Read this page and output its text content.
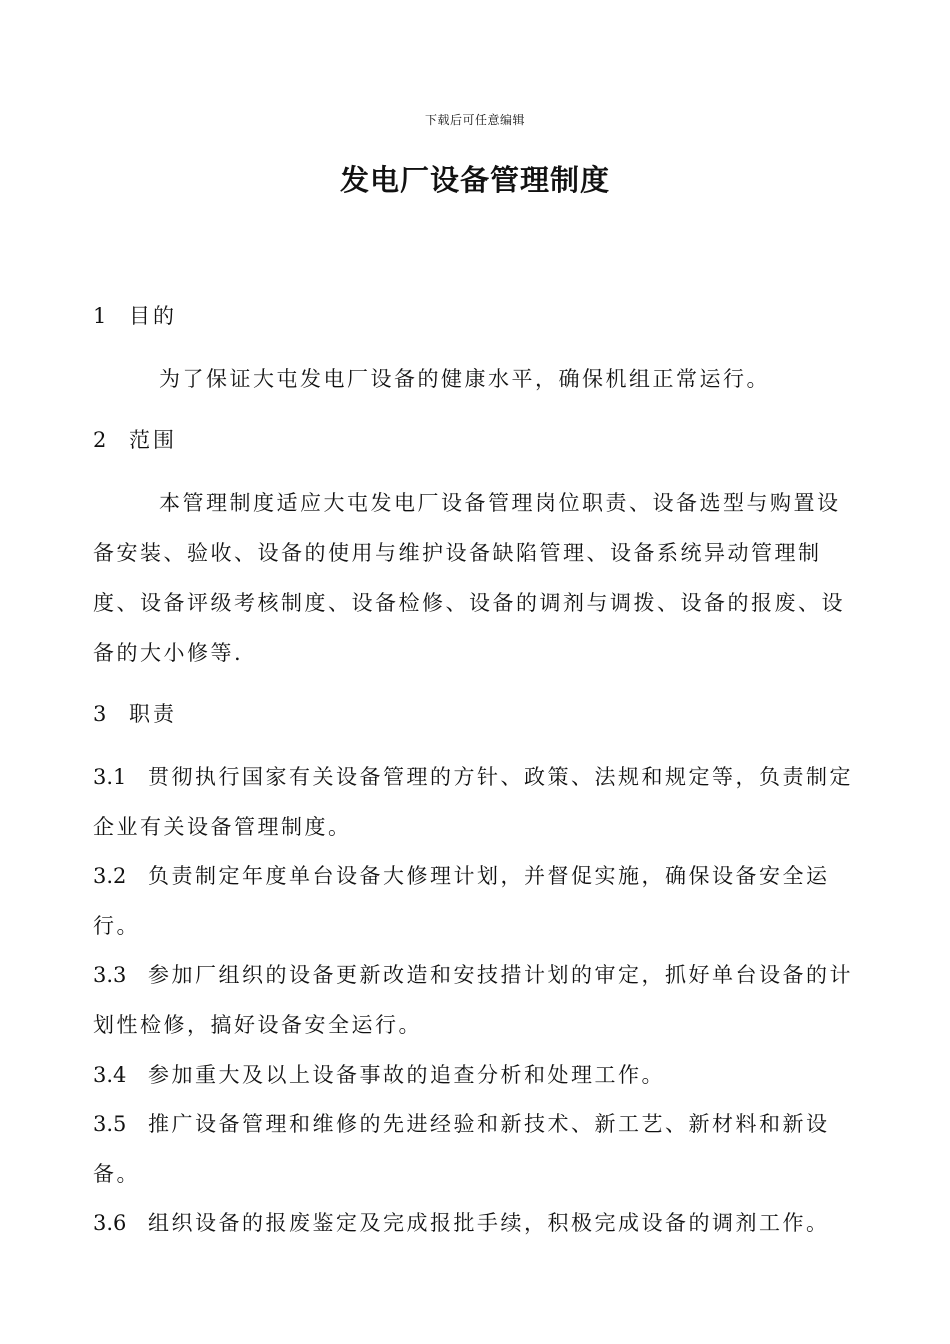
下载后可任意编辑
发电厂设备管理制度
1 目的
为了保证大屯发电厂设备的健康水平，确保机组正常运行。
2 范围
本管理制度适应大屯发电厂设备管理岗位职责、设备选型与购置设备安装、验收、设备的使用与维护设备缺陷管理、设备系统异动管理制度、设备评级考核制度、设备检修、设备的调剂与调拨、设备的报废、设备的大小修等.
3 职责
3.1 贯彻执行国家有关设备管理的方针、政策、法规和规定等，负责制定企业有关设备管理制度。
3.2 负责制定年度单台设备大修理计划，并督促实施，确保设备安全运行。
3.3 参加厂组织的设备更新改造和安技措计划的审定，抓好单台设备的计划性检修，搞好设备安全运行。
3.4 参加重大及以上设备事故的追查分析和处理工作。
3.5 推广设备管理和维修的先进经验和新技术、新工艺、新材料和新设备。
3.6 组织设备的报废鉴定及完成报批手续，积极完成设备的调剂工作。
